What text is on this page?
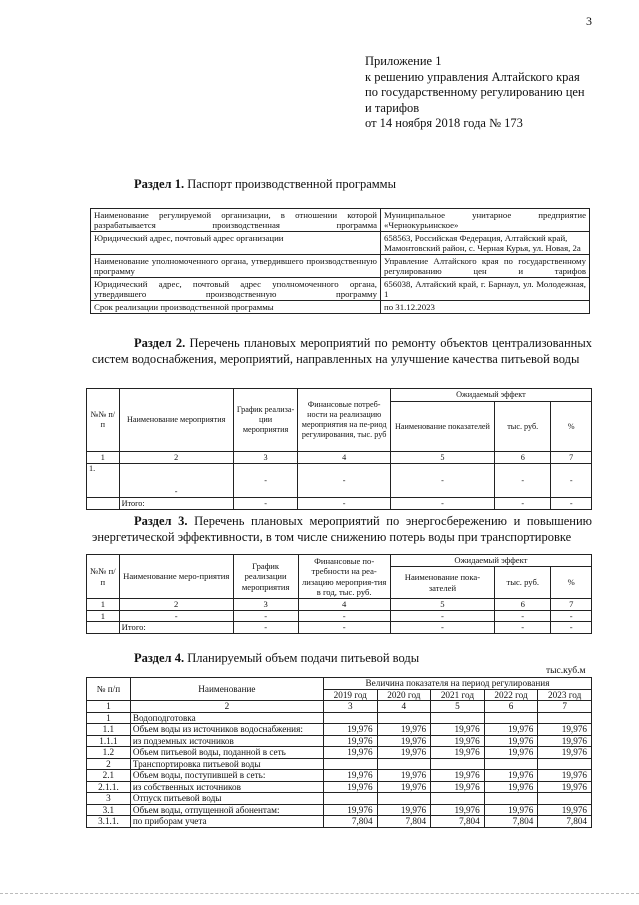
3
Приложение 1
к решению управления Алтайского края
по государственному регулированию цен
и тарифов
от 14 ноября 2018 года № 173
Раздел 1. Паспорт производственной программы
Наименование регулируемой организации, в отношении которой разрабатывается производственная программа	Муниципальное унитарное предприятие «Чернокурьинское»
Юридический адрес, почтовый адрес организации	658563, Российская Федерация, Алтайский край, Мамонтовский район, с. Черная Курья, ул. Новая, 2а
Наименование уполномоченного органа, утвердившего производственную программу	Управление Алтайского края по государственному регулированию цен и тарифов
Юридический адрес, почтовый адрес уполномоченного органа, утвердившего производственную программу	656038, Алтайский край, г. Барнаул, ул. Молодежная, 1
Срок реализации производственной программы	по 31.12.2023
Раздел 2. Перечень плановых мероприятий по ремонту объектов централизованных систем водоснабжения, мероприятий, направленных на улучшение качества питьевой воды
№№ п/п	Наименование мероприятия	График реализа-ции мероприятия	Финансовые потреб-ности на реализацию мероприятия на пе-риод регулирования, тыс. руб	Ожидаемый эффект		
				Наименование показателей	тыс. руб.	%
1	2	3	4	5	6	7
1.	-	-	-	-	-	-
	Итого:	-	-	-	-	-
Раздел 3. Перечень плановых мероприятий по энергосбережению и повышению энергетической эффективности, в том числе снижению потерь воды при транспортировке
№№ п/п	Наименование меро-приятия	График реализации мероприятия	Финансовые по-требности на реа-лизацию мероприя-тия в год, тыс. руб.	Ожидаемый эффект		
				Наименование пока-зателей	тыс. руб.	%
1	2	3	4	5	6	7
1	-	-	-	-	-	-
	Итого:	-	-	-	-	-
Раздел 4. Планируемый объем подачи питьевой воды
тыс.куб.м
№ п/п	Наименование	Величина показателя на период регулирования				
		2019 год	2020 год	2021 год	2022 год	2023 год
1	2	3	4	5	6	7
1	Водоподготовка					
1.1	Объем воды из источников водоснабжения:	19,976	19,976	19,976	19,976	19,976
1.1.1	из подземных источников	19,976	19,976	19,976	19,976	19,976
1.2	Объем питьевой воды, поданной в сеть	19,976	19,976	19,976	19,976	19,976
2	Транспортировка питьевой воды					
2.1	Объем воды, поступившей в сеть:	19,976	19,976	19,976	19,976	19,976
2.1.1.	из собственных источников	19,976	19,976	19,976	19,976	19,976
3	Отпуск питьевой воды					
3.1	Объем воды, отпущенной абонентам:	19,976	19,976	19,976	19,976	19,976
3.1.1.	по приборам учета	7,804	7,804	7,804	7,804	7,804
